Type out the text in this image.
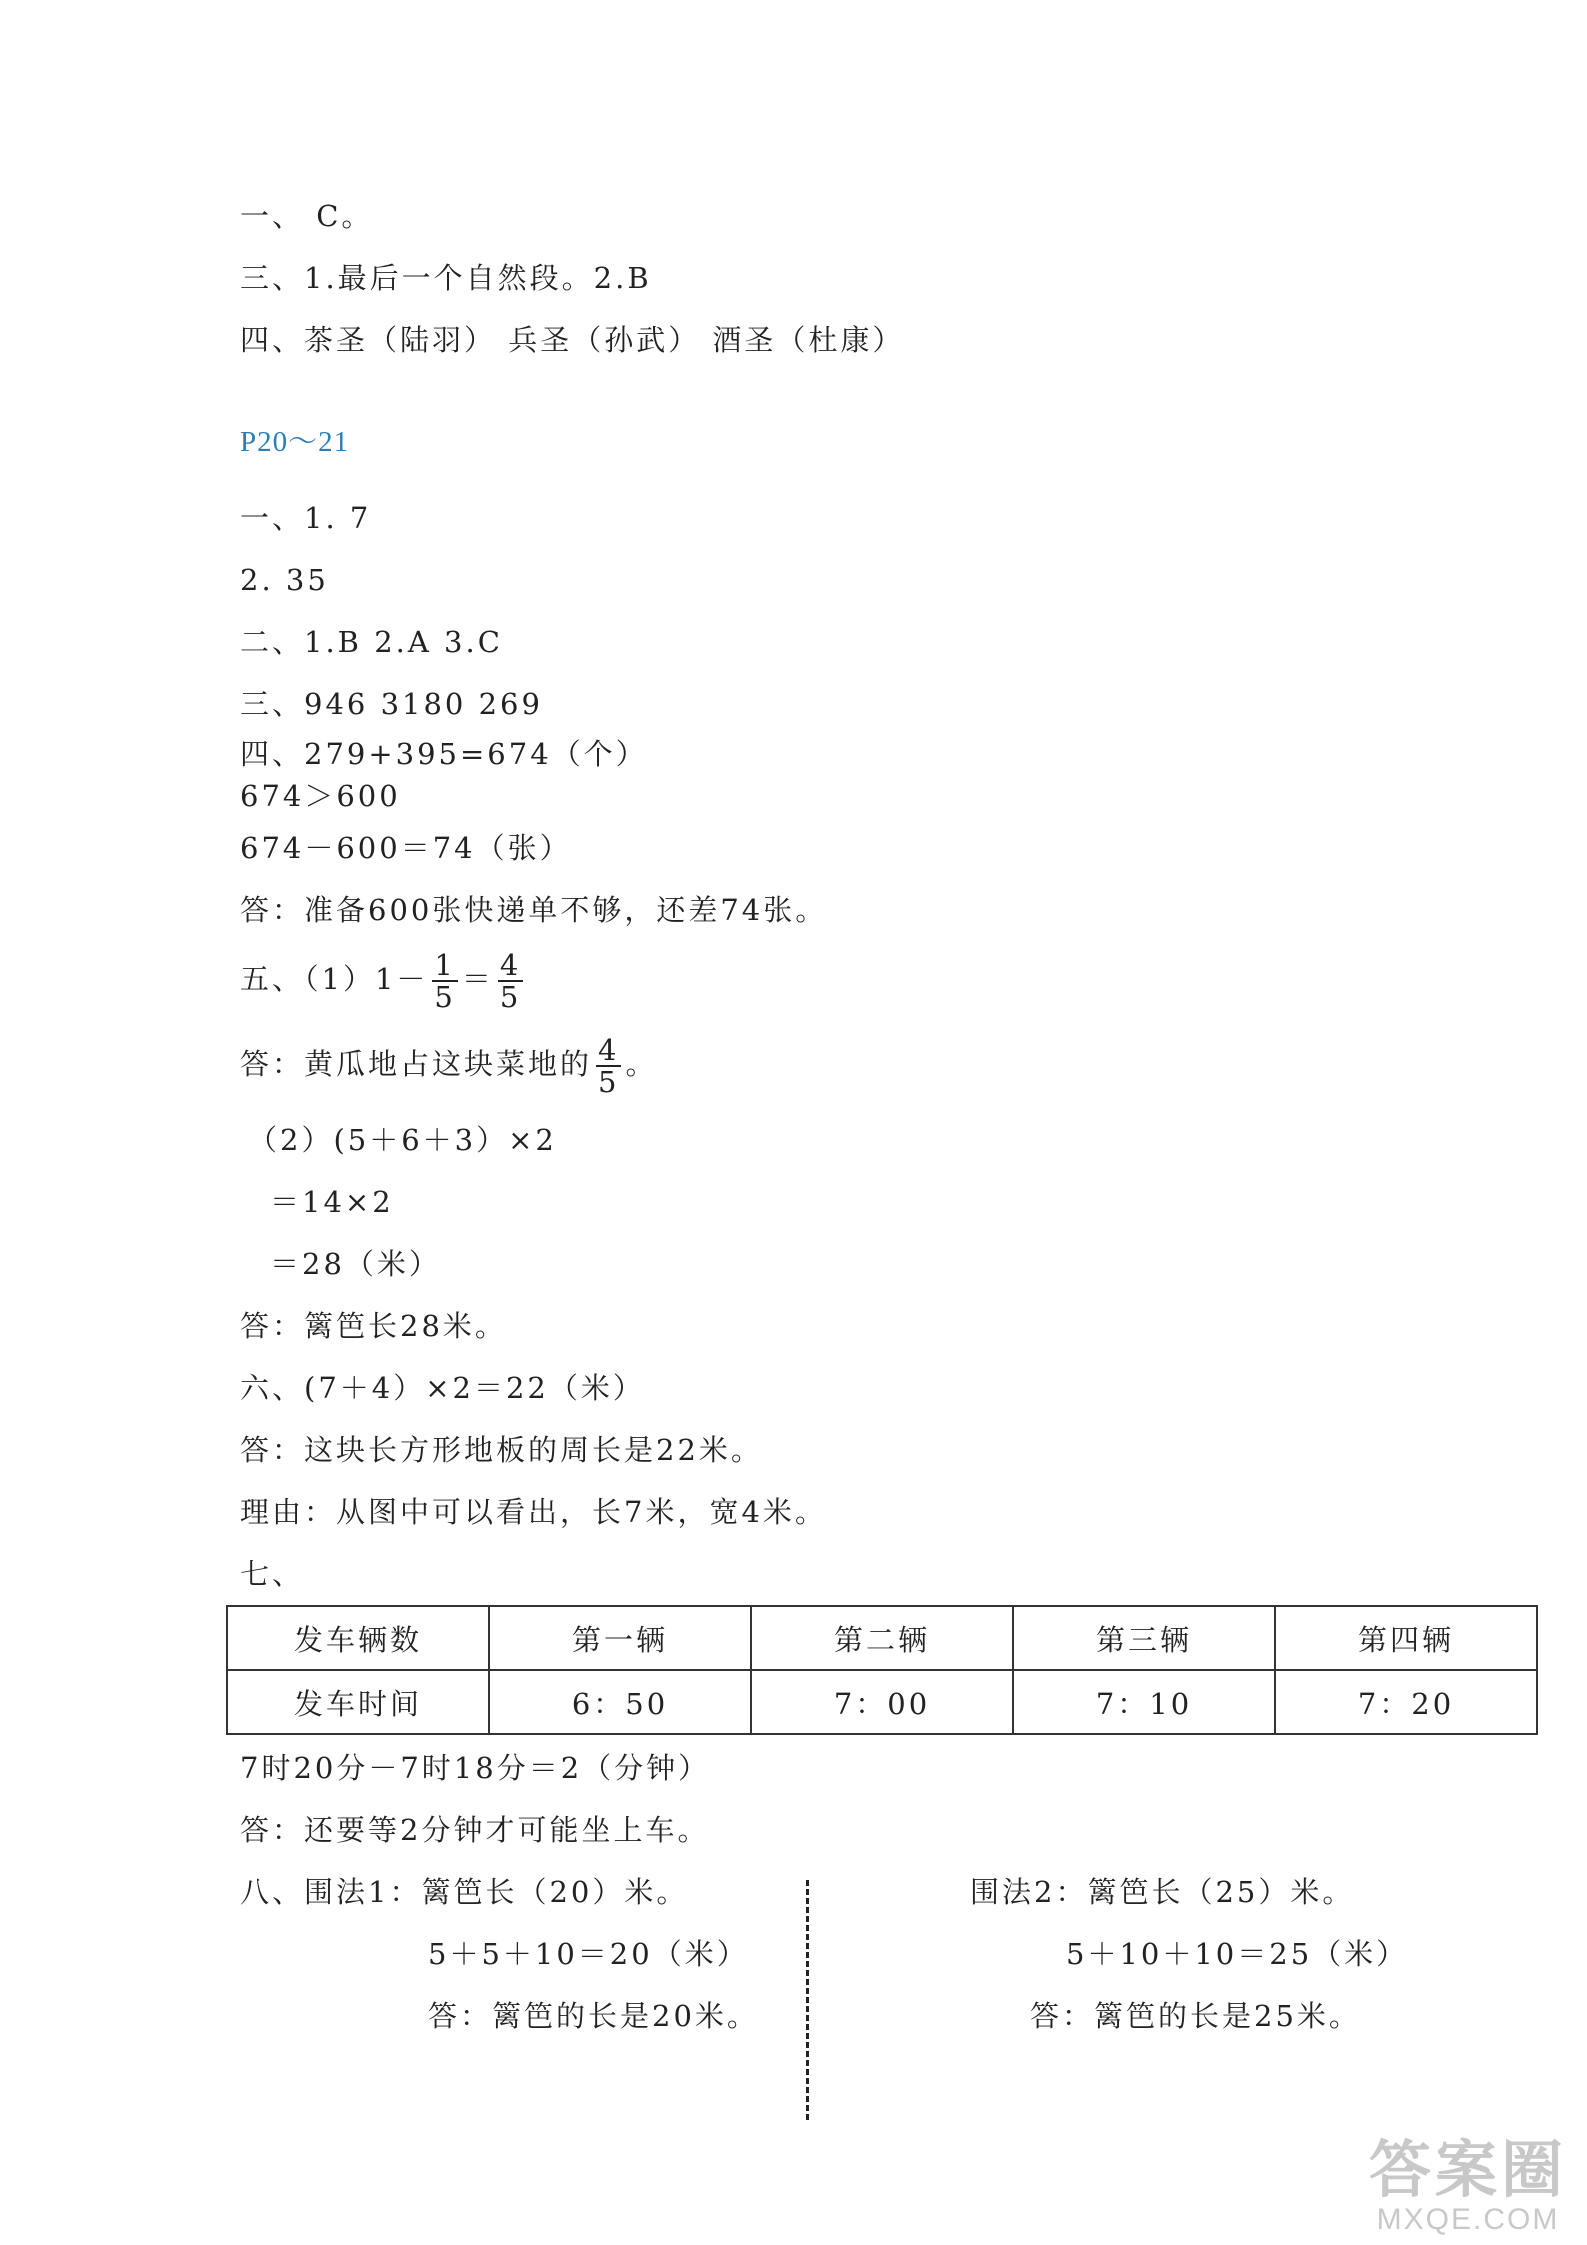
一、 C。
三、1.最后一个自然段。2.B
四、茶圣（陆羽） 兵圣（孙武） 酒圣（杜康）
P20～21
一、1. 7
2. 35
二、1.B 2.A 3.C
三、946 3180 269
四、279+395=674（个）
674＞600
674－600＝74（张）
答：准备600张快递单不够，还差74张。
五、$(1)1- \frac{1}{5} = \frac{4}{5}$
答：黄瓜地占这块菜地的 $\frac{4}{5}$ 。
（2）(5＋6＋3）×2
＝14×2
＝28（米）
答：篱笆长28米。
六、(7＋4）×2＝22（米）
答：这块长方形地板的周长是22米。
理由：从图中可以看出，长7米，宽4米。
七、
发车辆数	第一辆	第二辆	第三辆	第四辆
发车时间	6：50	7：00	7：10	7：20
7时20分－7时18分＝2（分钟）
答：还要等2分钟才可能坐上车。
八、围法1：篱笆长（20）米。
5＋5＋10＝20（米）
答：篱笆的长是20米。
围法2：篱笆长（25）米。
5＋10＋10＝25（米）
答：篱笆的长是25米。
答案圈
MXQE.COM
